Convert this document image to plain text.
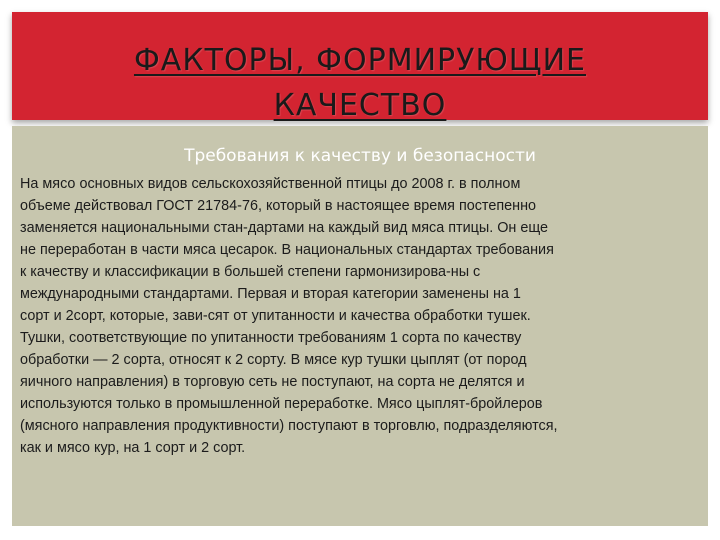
ФАКТОРЫ, ФОРМИРУЮЩИЕ
КАЧЕСТВО
Требования к качеству и безопасности
На мясо основных видов сельскохозяйственной птицы до 2008 г. в полном
объеме действовал ГОСТ 21784-76, который в настоящее время постепенно
заменяется национальными стан-дартами на каждый вид мяса птицы. Он еще
не переработан в части мяса цесарок. В национальных стандартах требования
к качеству и классификации в большей степени гармонизирова-ны с
международными стандартами. Первая и вторая категории заменены на 1
сорт и 2сорт, которые, зави-сят от упитанности и качества обработки тушек.
Тушки, соответствующие по упитанности требованиям 1 сорта по качеству
обработки — 2 сорта, относят к 2 сорту. В мясе кур тушки цыплят (от пород
яичного направления) в торговую сеть не поступают, на сорта не делятся и
используются только в промышленной переработке. Мясо цыплят-бройлеров
(мясного направления продуктивности) поступают в торговлю, подразделяются,
как и мясо кур, на 1 сорт и 2 сорт.
